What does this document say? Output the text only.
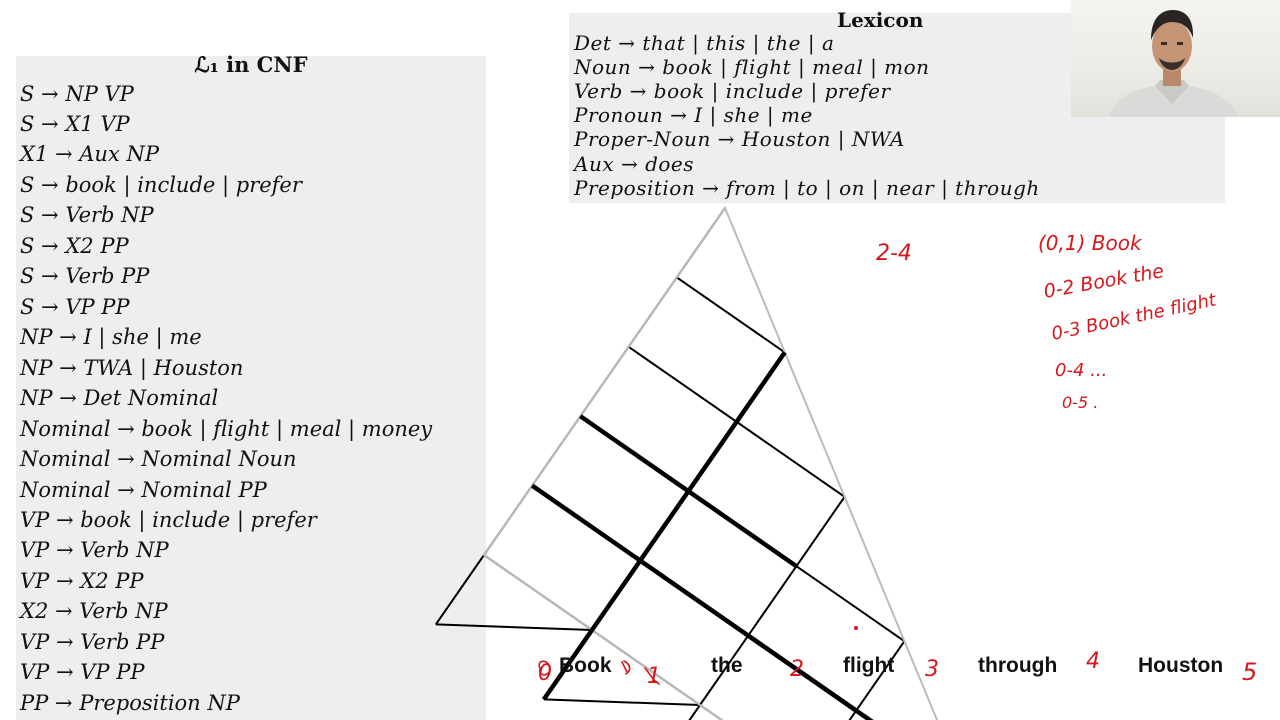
ℒ₁ in CNF
S → NP VP
S → X1 VP
X1 → Aux NP
S → book | include | prefer
S → Verb NP
S → X2 PP
S → Verb PP
S → VP PP
NP → I | she | me
NP → TWA | Houston
NP → Det Nominal
Nominal → book | flight | meal | money
Nominal → Nominal Noun
Nominal → Nominal PP
VP → book | include | prefer
VP → Verb NP
VP → X2 PP
X2 → Verb NP
VP → Verb PP
VP → VP PP
PP → Preposition NP
Lexicon
Det → that | this | the | a
Noun → book | flight | meal | mon
Verb → book | include | prefer
Pronoun → I | she | me
Proper-Noun → Houston | NWA
Aux → does
Preposition → from | to | on | near | through
Book	the	flight	through	Houston
2-4
0	1	2	3	4	5
(0,1) Book
0-2 Book the
0-3 Book the flight
0-4 ...
0-5 .
